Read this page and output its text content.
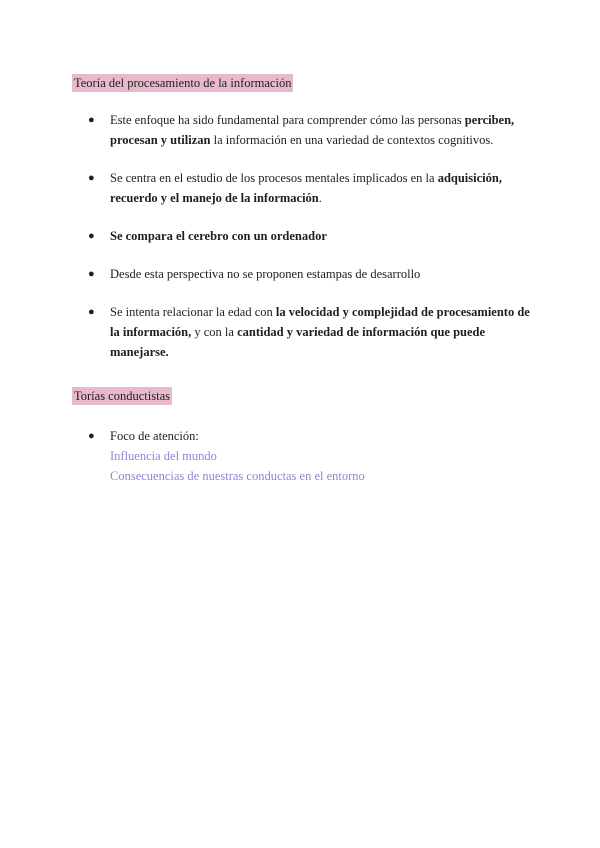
Teoría del procesamiento de la información
●	Este enfoque ha sido fundamental para comprender cómo las personas perciben, procesan y utilizan la información en una variedad de contextos cognitivos.
●	Se centra en el estudio de los procesos mentales implicados en la adquisición, recuerdo y el manejo de la información.
●	Se compara el cerebro con un ordenador
●	Desde esta perspectiva no se proponen estampas de desarrollo
●	Se intenta relacionar la edad con la velocidad y complejidad de procesamiento de la información, y con la cantidad y variedad de información que puede manejarse.
Torías conductistas
●	Foco de atención:
Influencia del mundo
Consecuencias de nuestras conductas en el entorno
